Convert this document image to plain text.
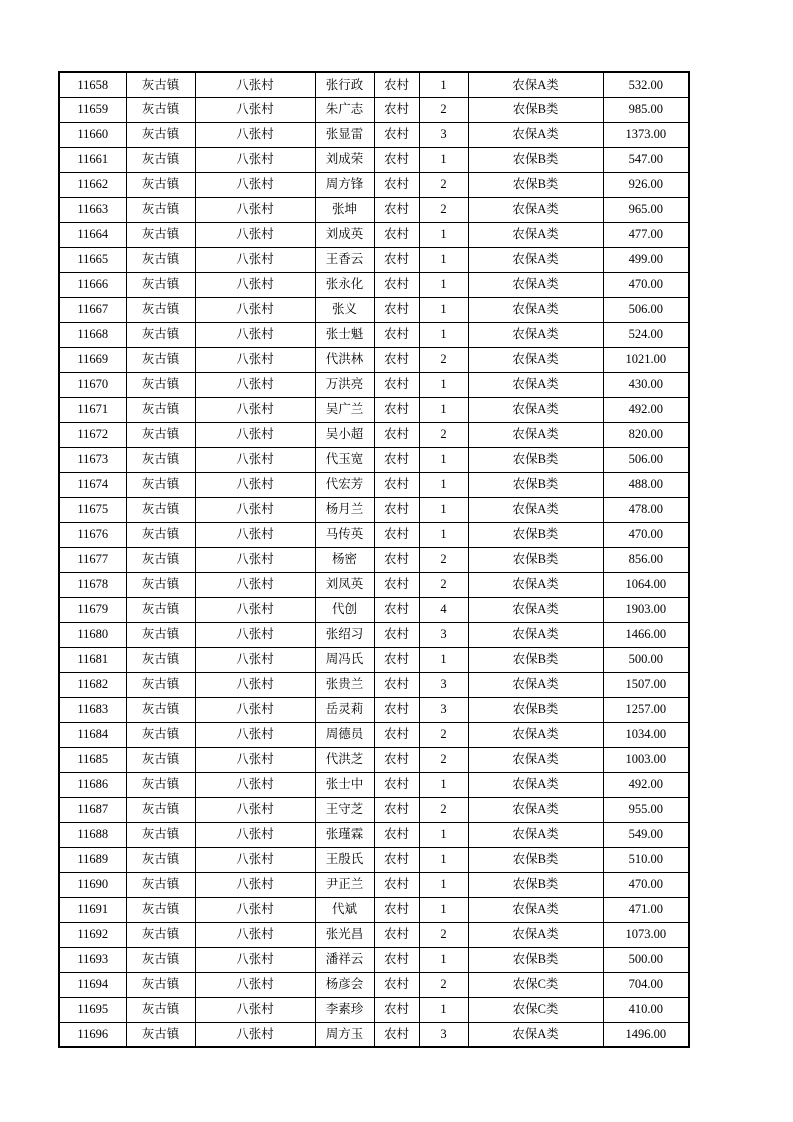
11658	灰古镇	八张村	张行政	农村	1	农保A类	532.00
11659	灰古镇	八张村	朱广志	农村	2	农保B类	985.00
11660	灰古镇	八张村	张显雷	农村	3	农保A类	1373.00
11661	灰古镇	八张村	刘成荣	农村	1	农保B类	547.00
11662	灰古镇	八张村	周方锋	农村	2	农保B类	926.00
11663	灰古镇	八张村	张坤	农村	2	农保A类	965.00
11664	灰古镇	八张村	刘成英	农村	1	农保A类	477.00
11665	灰古镇	八张村	王香云	农村	1	农保A类	499.00
11666	灰古镇	八张村	张永化	农村	1	农保A类	470.00
11667	灰古镇	八张村	张义	农村	1	农保A类	506.00
11668	灰古镇	八张村	张士魁	农村	1	农保A类	524.00
11669	灰古镇	八张村	代洪林	农村	2	农保A类	1021.00
11670	灰古镇	八张村	万洪亮	农村	1	农保A类	430.00
11671	灰古镇	八张村	吴广兰	农村	1	农保A类	492.00
11672	灰古镇	八张村	吴小超	农村	2	农保A类	820.00
11673	灰古镇	八张村	代玉宽	农村	1	农保B类	506.00
11674	灰古镇	八张村	代宏芳	农村	1	农保B类	488.00
11675	灰古镇	八张村	杨月兰	农村	1	农保A类	478.00
11676	灰古镇	八张村	马传英	农村	1	农保B类	470.00
11677	灰古镇	八张村	杨密	农村	2	农保B类	856.00
11678	灰古镇	八张村	刘凤英	农村	2	农保A类	1064.00
11679	灰古镇	八张村	代创	农村	4	农保A类	1903.00
11680	灰古镇	八张村	张绍习	农村	3	农保A类	1466.00
11681	灰古镇	八张村	周冯氏	农村	1	农保B类	500.00
11682	灰古镇	八张村	张贵兰	农村	3	农保A类	1507.00
11683	灰古镇	八张村	岳灵莉	农村	3	农保B类	1257.00
11684	灰古镇	八张村	周德员	农村	2	农保A类	1034.00
11685	灰古镇	八张村	代洪芝	农村	2	农保A类	1003.00
11686	灰古镇	八张村	张士中	农村	1	农保A类	492.00
11687	灰古镇	八张村	王守芝	农村	2	农保A类	955.00
11688	灰古镇	八张村	张瑾霖	农村	1	农保A类	549.00
11689	灰古镇	八张村	王殷氏	农村	1	农保B类	510.00
11690	灰古镇	八张村	尹正兰	农村	1	农保B类	470.00
11691	灰古镇	八张村	代斌	农村	1	农保A类	471.00
11692	灰古镇	八张村	张光昌	农村	2	农保A类	1073.00
11693	灰古镇	八张村	潘祥云	农村	1	农保B类	500.00
11694	灰古镇	八张村	杨彦会	农村	2	农保C类	704.00
11695	灰古镇	八张村	李素珍	农村	1	农保C类	410.00
11696	灰古镇	八张村	周方玉	农村	3	农保A类	1496.00
